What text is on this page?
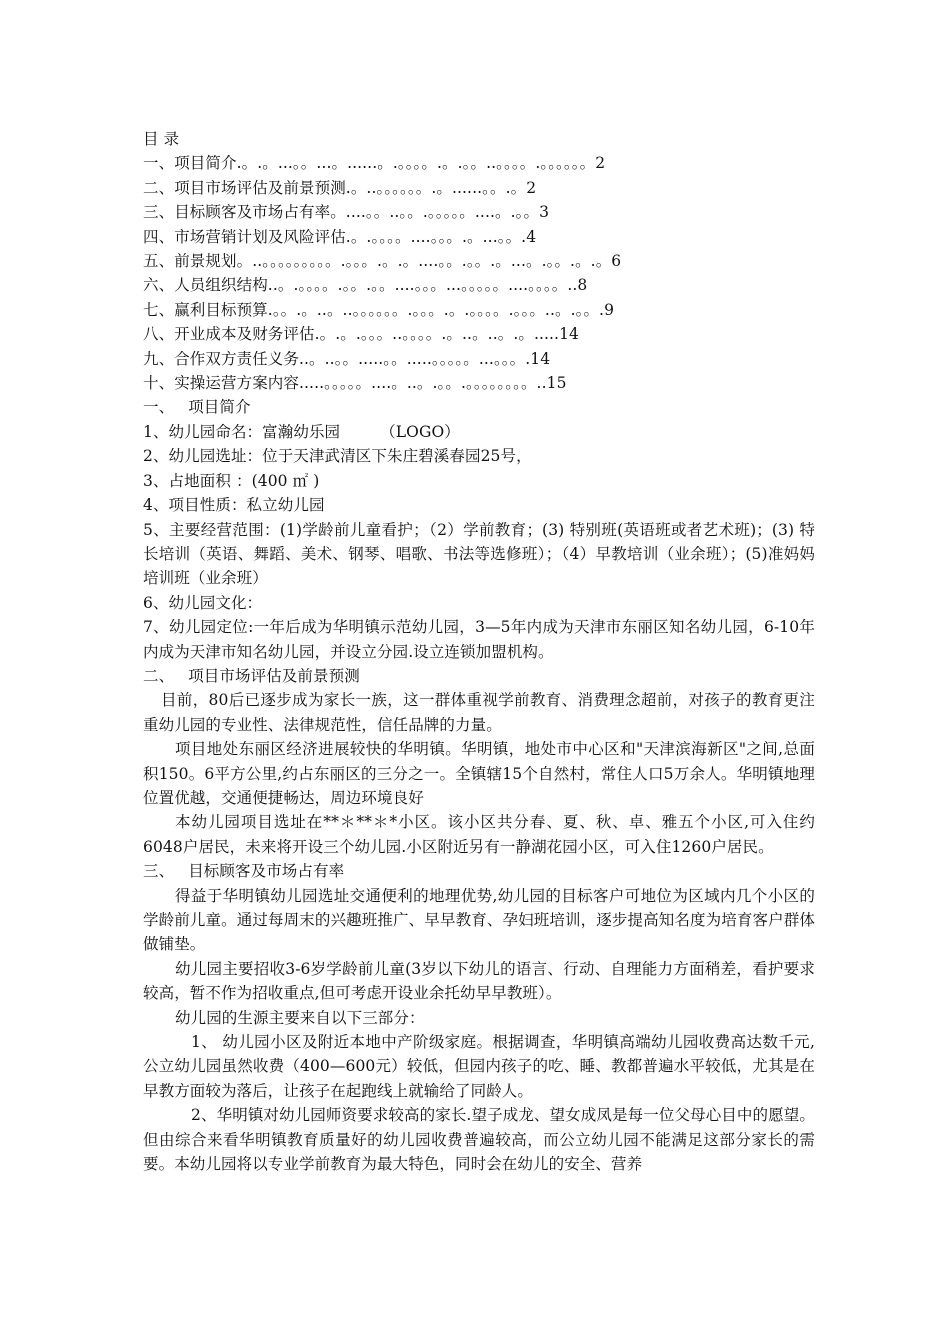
目 录

一、项目简介.。.。...。。...。......。.。。。。.。.。。..。。。。.。。。。。。2

二、项目市场评估及前景预测.。..。。。。。。.。......。。.。2

三、目标顾客及市场占有率。....。。..。。.。。。。。....。.。。3

四、市场营销计划及风险评估.。.。。。。....。。。.。...。。.4

五、前景规划。..。。。。。。。。。.。。。.。.。....。。.。。.。...。.。。.。.。6

六、人员组织结构..。.。。。。.。。.。。....。。。...。。。。。....。。。。..8

七、赢利目标预算.。。.。..。..。。。。。。.。。。.。.。。。。.。。。..。.。。.9

八、开业成本及财务评估.。.。.。。。..。。。。.。..。..。.。.....14

九、合作双方责任义务..。..。。.....。。.....。。。。。...。。。.14

十、实操运营方案内容.....。。。。。....。..。.。。.。。。。。。。。..15

一、 项目简介

1、幼儿园命名：富瀚幼乐园	（LOGO）

2、幼儿园选址：位于天津武清区下朱庄碧溪春园25号，

3、占地面积 ：(400 ㎡ )

4、项目性质：私立幼儿园

5、主要经营范围：(1)学龄前儿童看护；（2）学前教育；(3) 特别班(英语班或者艺术班)；(3) 特长培训（英语、舞蹈、美术、钢琴、唱歌、书法等选修班）；（4）早教培训（业余班）；(5)准妈妈培训班（业余班）

6、幼儿园文化：

7、幼儿园定位:一年后成为华明镇示范幼儿园，3—5年内成为天津市东丽区知名幼儿园，6-10年内成为天津市知名幼儿园，并设立分园.设立连锁加盟机构。

二、 项目市场评估及前景预测

目前，80后已逐步成为家长一族，这一群体重视学前教育、消费理念超前，对孩子的教育更注重幼儿园的专业性、法律规范性，信任品牌的力量。

项目地处东丽区经济进展较快的华明镇。华明镇，地处市中心区和"天津滨海新区"之间,总面积150。6平方公里,约占东丽区的三分之一。全镇辖15个自然村，常住人口5万余人。华明镇地理位置优越，交通便捷畅达，周边环境良好

本幼儿园项目选址在**＊**＊*小区。该小区共分春、夏、秋、卓、雅五个小区,可入住约6048户居民，未来将开设三个幼儿园.小区附近另有一静湖花园小区，可入住1260户居民。

三、 目标顾客及市场占有率

得益于华明镇幼儿园选址交通便利的地理优势,幼儿园的目标客户可地位为区域内几个小区的学龄前儿童。通过每周末的兴趣班推广、早早教育、孕妇班培训，逐步提高知名度为培育客户群体做铺垫。

幼儿园主要招收3-6岁学龄前儿童(3岁以下幼儿的语言、行动、自理能力方面稍差，看护要求较高，暂不作为招收重点,但可考虑开设业余托幼早早教班）。

幼儿园的生源主要来自以下三部分：

1、 幼儿园小区及附近本地中产阶级家庭。根据调查，华明镇高端幼儿园收费高达数千元,公立幼儿园虽然收费（400—600元）较低，但园内孩子的吃、睡、教都普遍水平较低，尤其是在早教方面较为落后，让孩子在起跑线上就输给了同龄人。

2、华明镇对幼儿园师资要求较高的家长.望子成龙、望女成凤是每一位父母心目中的愿望。但由综合来看华明镇教育质量好的幼儿园收费普遍较高，而公立幼儿园不能满足这部分家长的需要。本幼儿园将以专业学前教育为最大特色，同时会在幼儿的安全、营养
